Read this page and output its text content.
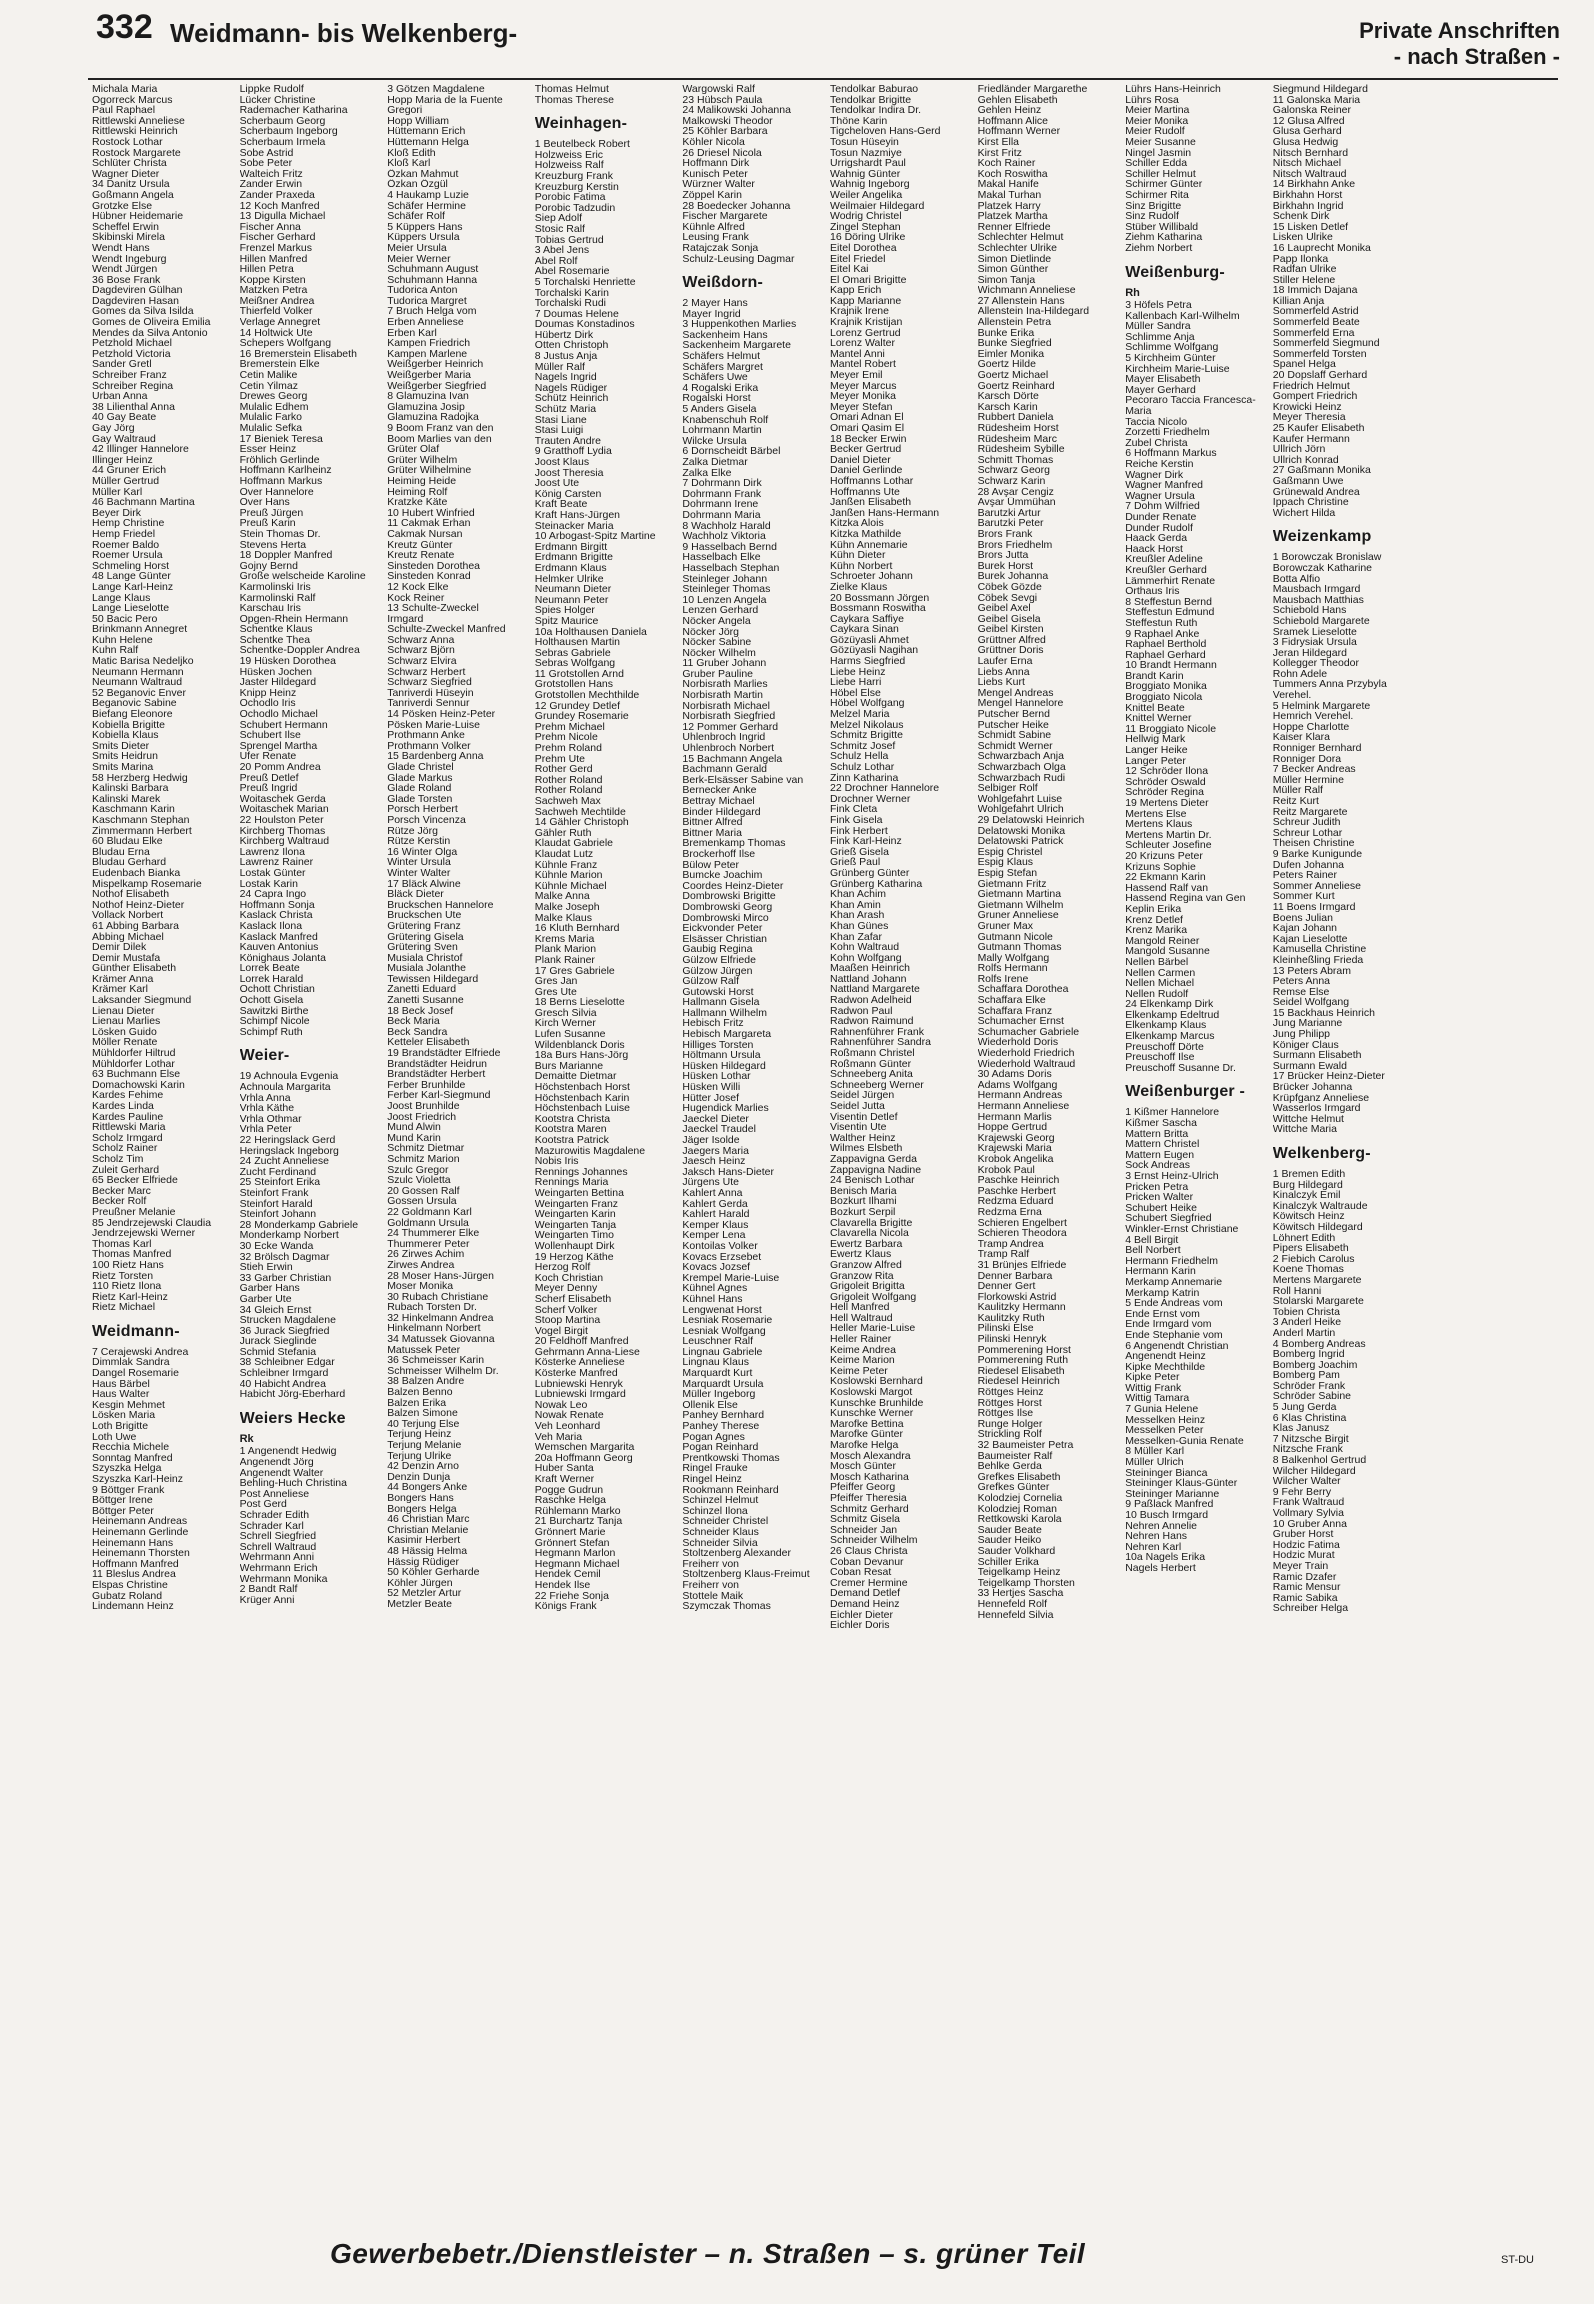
332 Weidmann- bis Welkenberg-	Private Anschriften
- nach Straßen -
Michala Maria
Ogorreck Marcus
Paul Raphael
Rittlewski Anneliese
Rittlewski Heinrich
Rostock Lothar
Rostock Margarete
Schlüter Christa
Wagner Dieter
34 Danitz Ursula
Goßmann Angela
Grotzke Else
Hübner Heidemarie
Scheffel Erwin
Skibinski Mirela
Wendt Hans
Wendt Ingeburg
Wendt Jürgen
36 Bose Frank
Dagdeviren Gülhan
Dagdeviren Hasan
Gomes da Silva Isilda
Gomes de Oliveira Emilia
Mendes da Silva Antonio
Petzhold Michael
Petzhold Victoria
Sander Gretl
Schreiber Franz
Schreiber Regina
Urban Anna
38 Lilienthal Anna
40 Gay Beate
Gay Jörg
Gay Waltraud
42 Illinger Hannelore
Illinger Heinz
44 Gruner Erich
Müller Gertrud
Müller Karl
46 Bachmann Martina
Beyer Dirk
Hemp Christine
Hemp Friedel
Roemer Baldo
Roemer Ursula
Schmeling Horst
48 Lange Günter
Lange Karl-Heinz
Lange Klaus
Lange Lieselotte
50 Bacic Pero
Brinkmann Annegret
Kuhn Helene
Kuhn Ralf
Matic Barisa Nedeljko
Neumann Hermann
Neumann Waltraud
52 Beganovic Enver
Beganovic Sabine
Biefang Eleonore
Kobiella Brigitte
Kobiella Klaus
Smits Dieter
Smits Heidrun
Smits Marina
58 Herzberg Hedwig
Kalinski Barbara
Kalinski Marek
Kaschmann Karin
Kaschmann Stephan
Zimmermann Herbert
60 Bludau Elke
Bludau Erna
Bludau Gerhard
Eudenbach Bianka
Mispelkamp Rosemarie
Nothof Elisabeth
Nothof Heinz-Dieter
Vollack Norbert
61 Abbing Barbara
Abbing Michael
Demir Dilek
Demir Mustafa
Günther Elisabeth
Krämer Anna
Krämer Karl
Laksander Siegmund
Lienau Dieter
Lienau Marlies
Lösken Guido
Möller Renate
Mühldorfer Hiltrud
Mühldorfer Lothar
63 Buchmann Else
Domachowski Karin
Kardes Fehime
Kardes Linda
Kardes Pauline
Rittlewski Maria
Scholz Irmgard
Scholz Rainer
Scholz Tim
Zuleit Gerhard
65 Becker Elfriede
Becker Marc
Becker Rolf
Preußner Melanie
85 Jendrzejewski Claudia
Jendrzejewski Werner
Thomas Karl
Thomas Manfred
100 Rietz Hans
Rietz Torsten
110 Rietz Ilona
Rietz Karl-Heinz
Rietz Michael
Weidmann-
7 Cerajewski Andrea
Dimmlak Sandra
Dangel Rosemarie
Haus Bärbel
Haus Walter
Kesgin Mehmet
Lösken Maria
Loth Brigitte
Loth Uwe
Recchia Michele
Sonntag Manfred
Szyszka Helga
Szyszka Karl-Heinz
9 Böttger Frank
Böttger Irene
Böttger Peter
Heinemann Andreas
Heinemann Gerlinde
Heinemann Hans
Heinemann Thorsten
Hoffmann Manfred
11 Bleslus Andrea
Elspas Christine
Gubatz Roland
Lindemann Heinz
Lippke Rudolf
Lücker Christine
Rademacher Katharina
Scherbaum Georg
Scherbaum Ingeborg
Scherbaum Irmela
Sobe Astrid
Sobe Peter
Walteich Fritz
Zander Erwin
Zander Praxeda
12 Koch Manfred
13 Digulla Michael
Fischer Anna
Fischer Gerhard
Frenzel Markus
Hillen Manfred
Hillen Petra
Koppe Kirsten
Matzken Petra
Meißner Andrea
Thierfeld Volker
Verlage Annegret
14 Holtwick Ute
Schepers Wolfgang
16 Bremerstein Elisabeth
Bremerstein Elke
Cetin Malike
Cetin Yilmaz
Drewes Georg
Mulalic Edhem
Mulalic Farko
Mulalic Sefka
17 Bieniek Teresa
Esser Heinz
Fröhlich Gerlinde
Hoffmann Karlheinz
Hoffmann Markus
Over Hannelore
Over Hans
Preuß Jürgen
Preuß Karin
Stein Thomas Dr.
Stevens Herta
18 Doppler Manfred
Gojny Bernd
Große welscheide Karoline
Karmolinski Iris
Karmolinski Ralf
Karschau Iris
Opgen-Rhein Hermann
Schentke Klaus
Schentke Thea
Schentke-Doppler Andrea
19 Hüsken Dorothea
Hüsken Jochen
Jaster Hildegard
Knipp Heinz
Ochodlo Iris
Ochodlo Michael
Schubert Hermann
Schubert Ilse
Sprengel Martha
Ufer Renate
20 Pomm Andrea
Preuß Detlef
Preuß Ingrid
Woitaschek Gerda
Woitaschek Marian
22 Houlston Peter
Kirchberg Thomas
Kirchberg Waltraud
Lawrenz Ilona
Lawrenz Rainer
Lostak Günter
Lostak Karin
24 Capra Ingo
Hoffmann Sonja
Kaslack Christa
Kaslack Ilona
Kaslack Manfred
Kauven Antonius
Könighaus Jolanta
Lorrek Beate
Lorrek Harald
Ochott Christian
Ochott Gisela
Sawitzki Birthe
Schimpf Nicole
Schimpf Ruth
Weier-
19 Achnoula Evgenia
Achnoula Margarita
Vrhla Anna
Vrhla Käthe
Vrhla Othmar
Vrhla Peter
22 Heringslack Gerd
Heringslack Ingeborg
24 Zucht Anneliese
Zucht Ferdinand
25 Steinfort Erika
Steinfort Frank
Steinfort Harald
Steinfort Johann
28 Monderkamp Gabriele
Monderkamp Norbert
30 Ecke Wanda
32 Brölsch Dagmar
Stieh Erwin
33 Garber Christian
Garber Hans
Garber Ute
34 Gleich Ernst
Strucken Magdalene
36 Jurack Siegfried
Jurack Sieglinde
Schmid Stefania
38 Schleibner Edgar
Schleibner Irmgard
40 Habicht Andrea
Habicht Jörg-Eberhard
Weiers Hecke
Rk
1 Angenendt Hedwig
Angenendt Jörg
Angenendt Walter
Behling-Huch Christina
Post Anneliese
Post Gerd
Schrader Edith
Schrader Karl
Schrell Siegfried
Schrell Waltraud
Wehrmann Anni
Wehrmann Erich
Wehrmann Monika
2 Bandt Ralf
Krüger Anni
3 Götzen Magdalene
Hopp Maria de la Fuente
Gregori
Hopp William
Hüttemann Erich
Hüttemann Helga
Kloß Edith
Kloß Karl
Özkan Mahmut
Özkan Özgül
4 Haukamp Luzie
Schäfer Hermine
Schäfer Rolf
5 Küppers Hans
Küppers Ursula
Meier Ursula
Meier Werner
Schuhmann August
Schuhmann Hanna
Tudorica Anton
Tudorica Margret
7 Bruch Helga vom
Erben Anneliese
Erben Karl
Kampen Friedrich
Kampen Marlene
Weißgerber Heinrich
Weißgerber Maria
Weißgerber Siegfried
8 Glamuzina Ivan
Glamuzina Josip
Glamuzina Radojka
9 Boom Franz van den
Boom Marlies van den
Grüter Olaf
Grüter Wilhelm
Grüter Wilhelmine
Heiming Heide
Heiming Rolf
Kratzke Käte
10 Hubert Winfried
11 Cakmak Erhan
Cakmak Nursan
Kreutz Günter
Kreutz Renate
Sinsteden Dorothea
Sinsteden Konrad
12 Kock Elke
Kock Reiner
13 Schulte-Zweckel
Irmgard
Schulte-Zweckel Manfred
Schwarz Anna
Schwarz Björn
Schwarz Elvira
Schwarz Herbert
Schwarz Siegfried
Tanriverdi Hüseyin
Tanriverdi Sennur
14 Pösken Heinz-Peter
Pösken Marie-Luise
Prothmann Anke
Prothmann Volker
15 Bardenberg Anna
Glade Christel
Glade Markus
Glade Roland
Glade Torsten
Porsch Herbert
Porsch Vincenza
Rütze Jörg
Rütze Kerstin
16 Winter Olga
Winter Ursula
Winter Walter
17 Bläck Alwine
Bläck Dieter
Bruckschen Hannelore
Bruckschen Ute
Grütering Franz
Grütering Gisela
Grütering Sven
Musiala Christof
Musiala Jolanthe
Tewissen Hildegard
Zanetti Eduard
Zanetti Susanne
18 Beck Josef
Beck Maria
Beck Sandra
Ketteler Elisabeth
19 Brandstädter Elfriede
Brandstädter Heidrun
Brandstädter Herbert
Ferber Brunhilde
Ferber Karl-Siegmund
Joost Brunhilde
Joost Friedrich
Mund Alwin
Mund Karin
Schmitz Dietmar
Schmitz Marion
Szulc Gregor
Szulc Violetta
20 Gossen Ralf
Gossen Ursula
22 Goldmann Karl
Goldmann Ursula
24 Thummerer Elke
Thummerer Peter
26 Zirwes Achim
Zirwes Andrea
28 Moser Hans-Jürgen
Moser Monika
30 Rubach Christiane
Rubach Torsten Dr.
32 Hinkelmann Andrea
Hinkelmann Norbert
34 Matussek Giovanna
Matussek Peter
36 Schmeisser Karin
Schmeisser Wilhelm Dr.
38 Balzen Andre
Balzen Benno
Balzen Erika
Balzen Simone
40 Terjung Else
Terjung Heinz
Terjung Melanie
Terjung Ulrike
42 Denzin Arno
Denzin Dunja
44 Bongers Anke
Bongers Hans
Bongers Helga
46 Christian Marc
Christian Melanie
Kasimir Herbert
48 Hässig Helma
Hässig Rüdiger
50 Köhler Gerharde
Köhler Jürgen
52 Metzler Artur
Metzler Beate
Thomas Helmut
Thomas Therese
Weinhagen-
1 Beutelbeck Robert
Holzweiss Eric
Holzweiss Ralf
Kreuzburg Frank
Kreuzburg Kerstin
Porobic Fatima
Porobic Tadzudin
Siep Adolf
Stosic Ralf
Tobias Gertrud
3 Abel Jens
Abel Rolf
Abel Rosemarie
5 Torchalski Henriette
Torchalski Karin
Torchalski Rudi
7 Doumas Helene
Doumas Konstadinos
Hübertz Dirk
Otten Christoph
8 Justus Anja
Müller Ralf
Nagels Ingrid
Nagels Rüdiger
Schütz Heinrich
Schütz Maria
Stasi Liane
Stasi Luigi
Trauten Andre
9 Gratthoff Lydia
Joost Klaus
Joost Theresia
Joost Ute
König Carsten
Kraft Beate
Kraft Hans-Jürgen
Steinacker Maria
10 Arbogast-Spitz Martine
Erdmann Birgitt
Erdmann Brigitte
Erdmann Klaus
Helmker Ulrike
Neumann Dieter
Neumann Peter
Spies Holger
Spitz Maurice
10a Holthausen Daniela
Holthausen Martin
Sebras Gabriele
Sebras Wolfgang
11 Grotstollen Arnd
Grotstollen Hans
Grotstollen Mechthilde
12 Grundey Detlef
Grundey Rosemarie
Prehm Michael
Prehm Nicole
Prehm Roland
Prehm Ute
Rother Gerd
Rother Roland
Rother Roland
Sachweh Max
Sachweh Mechtilde
14 Gähler Christoph
Gähler Ruth
Klaudat Gabriele
Klaudat Lutz
Kühnle Franz
Kühnle Marion
Kühnle Michael
Malke Anna
Malke Joseph
Malke Klaus
16 Kluth Bernhard
Krems Maria
Plank Marion
Plank Rainer
17 Gres Gabriele
Gres Jan
Gres Ute
18 Berns Lieselotte
Gresch Silvia
Kirch Werner
Lufen Susanne
Wildenblanck Doris
18a Burs Hans-Jörg
Burs Marianne
Demaitte Dietmar
Höchstenbach Horst
Höchstenbach Karin
Höchstenbach Luise
Kootstra Christa
Kootstra Maren
Kootstra Patrick
Mazurowitis Magdalene
Nobis Iris
Rennings Johannes
Rennings Maria
Weingarten Bettina
Weingarten Franz
Weingarten Karin
Weingarten Tanja
Weingarten Timo
Wollenhaupt Dirk
19 Herzog Käthe
Herzog Rolf
Koch Christian
Meyer Denny
Scherf Elisabeth
Scherf Volker
Stoop Martina
Vogel Birgit
20 Feldhoff Manfred
Gehrmann Anna-Liese
Kösterke Anneliese
Kösterke Manfred
Lubniewski Henryk
Lubniewski Irmgard
Nowak Leo
Nowak Renate
Veh Leonhard
Veh Maria
Wemschen Margarita
20a Hoffmann Georg
Huber Santa
Kraft Werner
Pogge Gudrun
Raschke Helga
Rühlemann Marko
21 Burchartz Tanja
Grönnert Marie
Grönnert Stefan
Hegmann Marlon
Hegmann Michael
Hendek Cemil
Hendek Ilse
22 Friehe Sonja
Königs Frank
Wargowski Ralf
23 Hübsch Paula
24 Malikowski Johanna
Malkowski Theodor
25 Köhler Barbara
Köhler Nicola
26 Driesel Nicola
Hoffmann Dirk
Kunisch Peter
Würzner Walter
Zöppel Karin
28 Boedecker Johanna
Fischer Margarete
Kühnle Alfred
Leusing Frank
Ratajczak Sonja
Schulz-Leusing Dagmar
Weißdorn-
2 Mayer Hans
Mayer Ingrid
3 Huppenkothen Marlies
Sackenheim Hans
Sackenheim Margarete
Schäfers Helmut
Schäfers Margret
Schäfers Uwe
4 Rogalski Erika
Rogalski Horst
5 Anders Gisela
Knabenschuh Rolf
Lohrmann Martin
Wilcke Ursula
6 Dornscheidt Bärbel
Zalka Dietmar
Zalka Elke
7 Dohrmann Dirk
Dohrmann Frank
Dohrmann Irene
Dohrmann Maria
8 Wachholz Harald
Wachholz Viktoria
9 Hasselbach Bernd
Hasselbach Elke
Hasselbach Stephan
Steinleger Johann
Steinleger Thomas
10 Lenzen Angela
Lenzen Gerhard
Nöcker Angela
Nöcker Jörg
Nöcker Sabine
Nöcker Wilhelm
11 Gruber Johann
Gruber Pauline
Norbisrath Marlies
Norbisrath Martin
Norbisrath Michael
Norbisrath Siegfried
12 Pommer Gerhard
Uhlenbroch Ingrid
Uhlenbroch Norbert
15 Bachmann Angela
Bachmann Gerald
Berk-Elsässer Sabine van
Bernecker Anke
Bettray Michael
Binder Hildegard
Bittner Alfred
Bittner Maria
Bremenkamp Thomas
Brockerhoff Ilse
Bülow Peter
Bumcke Joachim
Coordes Heinz-Dieter
Dombrowski Brigitte
Dombrowski Georg
Dombrowski Mirco
Eickvonder Peter
Elsässer Christian
Gaubig Regina
Gülzow Elfriede
Gülzow Jürgen
Gülzow Ralf
Gutowski Horst
Hallmann Gisela
Hallmann Wilhelm
Hebisch Fritz
Hebisch Margareta
Hilliges Torsten
Höltmann Ursula
Hüsken Hildegard
Hüsken Lothar
Hüsken Willi
Hütter Josef
Hugendick Marlies
Jaeckel Dieter
Jaeckel Traudel
Jäger Isolde
Jaegers Maria
Jaesch Heinz
Jaksch Hans-Dieter
Jürgens Ute
Kahlert Anna
Kahlert Gerda
Kahlert Harald
Kemper Klaus
Kemper Lena
Kontoilas Volker
Kovacs Erzsebet
Kovacs Jozsef
Krempel Marie-Luise
Kühnel Agnes
Kühnel Hans
Lengwenat Horst
Lesniak Rosemarie
Lesniak Wolfgang
Leuschner Ralf
Lingnau Gabriele
Lingnau Klaus
Marquardt Kurt
Marquardt Ursula
Müller Ingeborg
Ollenik Else
Panhey Bernhard
Panhey Therese
Pogan Agnes
Pogan Reinhard
Prentkowski Thomas
Ringel Frauke
Ringel Heinz
Rookmann Reinhard
Schinzel Helmut
Schinzel Ilona
Schneider Christel
Schneider Klaus
Schneider Silvia
Stoltzenberg Alexander
Freiherr von
Stoltzenberg Klaus-Freimut
Freiherr von
Stottele Maik
Szymczak Thomas
Tendolkar Baburao
Tendolkar Brigitte
Tendolkar Indira Dr.
Thöne Karin
Tigcheloven Hans-Gerd
Tosun Hüseyin
Tosun Nazmiye
Urrigshardt Paul
Wahnig Günter
Wahnig Ingeborg
Weiler Angelika
Weilmaier Hildegard
Wodrig Christel
Zingel Stephan
16 Döring Ulrike
Eitel Dorothea
Eitel Friedel
Eitel Kai
El Omari Brigitte
Kapp Erich
Kapp Marianne
Krajnik Irene
Krajnik Kristijan
Lorenz Gertrud
Lorenz Walter
Mantel Anni
Mantel Robert
Meyer Emil
Meyer Marcus
Meyer Monika
Meyer Stefan
Omari Adnan El
Omari Qasim El
18 Becker Erwin
Becker Gertrud
Daniel Dieter
Daniel Gerlinde
Hoffmanns Lothar
Hoffmanns Ute
Janßen Elisabeth
Janßen Hans-Hermann
Kitzka Alois
Kitzka Mathilde
Kühn Annemarie
Kühn Dieter
Kühn Norbert
Schroeter Johann
Zielke Klaus
20 Bossmann Jörgen
Bossmann Roswitha
Caykara Saffiye
Caykara Sinan
Gözüyasli Ahmet
Gözüyasli Nagihan
Harms Siegfried
Liebe Heinz
Liebe Harri
Höbel Else
Höbel Wolfgang
Melzel Maria
Melzel Nikolaus
Schmitz Brigitte
Schmitz Josef
Schulz Hella
Schulz Lothar
Zinn Katharina
22 Drochner Hannelore
Drochner Werner
Fink Cleta
Fink Gisela
Fink Herbert
Fink Karl-Heinz
Grieß Gisela
Grieß Paul
Grünberg Günter
Grünberg Katharina
Khan Achim
Khan Amin
Khan Arash
Khan Günes
Khan Zafar
Kohn Waltraud
Kohn Wolfgang
Maaßen Heinrich
Nattland Johann
Nattland Margarete
Radwon Adelheid
Radwon Paul
Radwon Raimund
Rahnenführer Frank
Rahnenführer Sandra
Roßmann Christel
Roßmann Günter
Schneeberg Anita
Schneeberg Werner
Seidel Jürgen
Seidel Jutta
Visentin Detlef
Visentin Ute
Walther Heinz
Wilmes Elsbeth
Zappavigna Gerda
Zappavigna Nadine
24 Benisch Lothar
Benisch Maria
Bozkurt Ilhami
Bozkurt Serpil
Clavarella Brigitte
Clavarella Nicola
Ewertz Barbara
Ewertz Klaus
Granzow Alfred
Granzow Rita
Grigoleit Brigitta
Grigoleit Wolfgang
Hell Manfred
Hell Waltraud
Heller Marie-Luise
Heller Rainer
Keime Andrea
Keime Marion
Keime Peter
Koslowski Bernhard
Koslowski Margot
Kunschke Brunhilde
Kunschke Werner
Marofke Bettina
Marofke Günter
Marofke Helga
Mosch Alexandra
Mosch Günter
Mosch Katharina
Pfeiffer Georg
Pfeiffer Theresia
Schmitz Gerhard
Schmitz Gisela
Schneider Jan
Schneider Wilhelm
26 Claus Christa
Coban Devanur
Coban Resat
Cremer Hermine
Demand Detlef
Demand Heinz
Eichler Dieter
Eichler Doris
Friedländer Margarethe
Gehlen Elisabeth
Gehlen Heinz
Hoffmann Alice
Hoffmann Werner
Kirst Ella
Kirst Fritz
Koch Rainer
Koch Roswitha
Makal Hanife
Makal Turhan
Platzek Harry
Platzek Martha
Renner Elfriede
Schlechter Helmut
Schlechter Ulrike
Simon Dietlinde
Simon Günther
Simon Tanja
Wichmann Anneliese
27 Allenstein Hans
Allenstein Ina-Hildegard
Allenstein Petra
Bunke Erika
Bunke Siegfried
Eimler Monika
Goertz Hilde
Goertz Michael
Goertz Reinhard
Karsch Dörte
Karsch Karin
Rubbert Daniela
Rüdesheim Horst
Rüdesheim Marc
Rüdesheim Sybille
Schmitt Thomas
Schwarz Georg
Schwarz Karin
28 Avşar Cengiz
Avşar Ümmühan
Barutzki Artur
Barutzki Peter
Brors Frank
Brors Friedhelm
Brors Jutta
Burek Horst
Burek Johanna
Cöbek Gözde
Cöbek Sevgi
Geibel Axel
Geibel Gisela
Geibel Kirsten
Grüttner Alfred
Grüttner Doris
Laufer Erna
Liebs Anna
Liebs Kurt
Mengel Andreas
Mengel Hannelore
Putscher Bernd
Putscher Heike
Schmidt Sabine
Schmidt Werner
Schwarzbach Anja
Schwarzbach Olga
Schwarzbach Rudi
Selbiger Rolf
Wohlgefahrt Luise
Wohlgefahrt Ulrich
29 Delatowski Heinrich
Delatowski Monika
Delatowski Patrick
Espig Christel
Espig Klaus
Espig Stefan
Gietmann Fritz
Gietmann Martina
Gietmann Wilhelm
Gruner Anneliese
Gruner Max
Gutmann Nicole
Gutmann Thomas
Mally Wolfgang
Rolfs Hermann
Rolfs Irene
Schaffara Dorothea
Schaffara Elke
Schaffara Franz
Schumacher Ernst
Schumacher Gabriele
Wiederhold Doris
Wiederhold Friedrich
Wiederhold Waltraud
30 Adams Doris
Adams Wolfgang
Hermann Andreas
Hermann Anneliese
Hermann Marlis
Hoppe Gertrud
Krajewski Georg
Krajewski Maria
Krobok Angelika
Krobok Paul
Paschke Heinrich
Paschke Herbert
Redzma Eduard
Redzma Erna
Schieren Engelbert
Schieren Theodora
Tramp Andrea
Tramp Ralf
31 Brünjes Elfriede
Denner Barbara
Denner Gert
Florkowski Astrid
Kaulitzky Hermann
Kaulitzky Ruth
Pilinski Else
Pilinski Henryk
Pommerening Horst
Pommerening Ruth
Riedesel Elisabeth
Riedesel Heinrich
Röttges Heinz
Röttges Horst
Röttges Ilse
Runge Holger
Strickling Rolf
32 Baumeister Petra
Baumeister Ralf
Behlke Gerda
Grefkes Elisabeth
Grefkes Günter
Kolodziej Cornelia
Kolodziej Roman
Rettkowski Karola
Sauder Beate
Sauder Heiko
Sauder Volkhard
Schiller Erika
Teigelkamp Heinz
Teigelkamp Thorsten
33 Hertjes Sascha
Hennefeld Rolf
Hennefeld Silvia
Lührs Hans-Heinrich
Lührs Rosa
Meier Martina
Meier Monika
Meier Rudolf
Meier Susanne
Ningel Jasmin
Schiller Edda
Schiller Helmut
Schirmer Günter
Schirmer Rita
Sinz Brigitte
Sinz Rudolf
Stüber Willibald
Ziehm Katharina
Ziehm Norbert
Weißenburg-
Rh
3 Höfels Petra
Kallenbach Karl-Wilhelm
Müller Sandra
Schlimme Anja
Schlimme Wolfgang
5 Kirchheim Günter
Kirchheim Marie-Luise
Mayer Elisabeth
Mayer Gerhard
Pecoraro Taccia Francesca-
Maria
Taccia Nicolo
Zorzetti Friedhelm
Zubel Christa
6 Hoffmann Markus
Reiche Kerstin
Wagner Dirk
Wagner Manfred
Wagner Ursula
7 Dohm Wilfried
Dunder Renate
Dunder Rudolf
Haack Gerda
Haack Horst
Kreußler Adeline
Kreußler Gerhard
Lämmerhirt Renate
Orthaus Iris
8 Steffestun Bernd
Steffestun Edmund
Steffestun Ruth
9 Raphael Anke
Raphael Berthold
Raphael Gerhard
10 Brandt Hermann
Brandt Karin
Broggiato Monika
Broggiato Nicola
Knittel Beate
Knittel Werner
11 Broggiato Nicole
Hellwig Mark
Langer Heike
Langer Peter
12 Schröder Ilona
Schröder Oswald
Schröder Regina
19 Mertens Dieter
Mertens Else
Mertens Klaus
Mertens Martin Dr.
Schleuter Josefine
20 Krizuns Peter
Krizuns Sophie
22 Ekmann Karin
Hassend Ralf van
Hassend Regina van Gen
Keplin Erika
Krenz Detlef
Krenz Marika
Mangold Reiner
Mangold Susanne
Nellen Bärbel
Nellen Carmen
Nellen Michael
Nellen Rudolf
24 Elkenkamp Dirk
Elkenkamp Edeltrud
Elkenkamp Klaus
Elkenkamp Marcus
Preuschoff Dörte
Preuschoff Ilse
Preuschoff Susanne Dr.
Weißenburger -
1 Kißmer Hannelore
Kißmer Sascha
Mattern Britta
Mattern Christel
Mattern Eugen
Sock Andreas
3 Ernst Heinz-Ulrich
Pricken Petra
Pricken Walter
Schubert Heike
Schubert Siegfried
Winkler-Ernst Christiane
4 Bell Birgit
Bell Norbert
Hermann Friedhelm
Hermann Karin
Merkamp Annemarie
Merkamp Katrin
5 Ende Andreas vom
Ende Ernst vom
Ende Irmgard vom
Ende Stephanie vom
6 Angenendt Christian
Angenendt Heinz
Kipke Mechthilde
Kipke Peter
Wittig Frank
Wittig Tamara
7 Gunia Helene
Messelken Heinz
Messelken Peter
Messelken-Gunia Renate
8 Müller Karl
Müller Ulrich
Steininger Bianca
Steininger Klaus-Günter
Steininger Marianne
9 Paßlack Manfred
10 Busch Irmgard
Nehren Annelie
Nehren Hans
Nehren Karl
10a Nagels Erika
Nagels Herbert
Siegmund Hildegard
11 Galonska Maria
Galonska Reiner
12 Glusa Alfred
Glusa Gerhard
Glusa Hedwig
Nitsch Bernhard
Nitsch Michael
Nitsch Waltraud
14 Birkhahn Anke
Birkhahn Horst
Birkhahn Ingrid
Schenk Dirk
15 Lisken Detlef
Lisken Ulrike
16 Lauprecht Monika
Papp Ilonka
Radfan Ulrike
Stiller Helene
18 Immich Dajana
Killian Anja
Sommerfeld Astrid
Sommerfeld Beate
Sommerfeld Erna
Sommerfeld Siegmund
Sommerfeld Torsten
Spanel Helga
20 Dopslaff Gerhard
Friedrich Helmut
Gompert Friedrich
Krowicki Heinz
Meyer Theresia
25 Kaufer Elisabeth
Kaufer Hermann
Ullrich Jörn
Ullrich Konrad
27 Gaßmann Monika
Gaßmann Uwe
Grünewald Andrea
Ippach Christine
Wichert Hilda
Weizenkamp
1 Borowczak Bronislaw
Borowczak Katharine
Botta Alfio
Mausbach Irmgard
Mausbach Matthias
Schiebold Hans
Schiebold Margarete
Sramek Lieselotte
3 Fidrysiak Ursula
Jeran Hildegard
Kollegger Theodor
Rohn Adele
Tummers Anna Przybyla
Verehel.
5 Helmink Margarete
Hemrich Verehel.
Hoppe Charlotte
Kaiser Klara
Ronniger Bernhard
Ronniger Dora
7 Becker Andreas
Müller Hermine
Müller Ralf
Reitz Kurt
Reitz Margarete
Schreur Judith
Schreur Lothar
Theisen Christine
9 Barke Kunigunde
Dufen Johanna
Peters Rainer
Sommer Anneliese
Sommer Kurt
11 Boens Irmgard
Boens Julian
Kajan Johann
Kajan Lieselotte
Kamusella Christine
Kleinheßling Frieda
13 Peters Abram
Peters Anna
Remse Else
Seidel Wolfgang
15 Backhaus Heinrich
Jung Marianne
Jung Philipp
Königer Claus
Surmann Elisabeth
Surmann Ewald
17 Brücker Heinz-Dieter
Brücker Johanna
Krüpfganz Anneliese
Wasserlos Irmgard
Wittche Helmut
Wittche Maria
Welkenberg-
1 Bremen Edith
Burg Hildegard
Kinalczyk Emil
Kinalczyk Waltraude
Köwitsch Heinz
Köwitsch Hildegard
Löhnert Edith
Pipers Elisabeth
2 Fiebich Carolus
Koene Thomas
Mertens Margarete
Roll Hanni
Stolarski Margarete
Tobien Christa
3 Anderl Heike
Anderl Martin
4 Bomberg Andreas
Bomberg Ingrid
Bomberg Joachim
Bomberg Pam
Schröder Frank
Schröder Sabine
5 Jung Gerda
6 Klas Christina
Klas Janusz
7 Nitzsche Birgit
Nitzsche Frank
8 Balkenhol Gertrud
Wilcher Hildegard
Wilcher Walter
9 Fehr Berry
Frank Waltraud
Vollmary Sylvia
10 Gruber Anna
Gruber Horst
Hodzic Fatima
Hodzic Murat
Meyer Train
Ramic Dzafer
Ramic Mensur
Ramic Sabika
Schreiber Helga
Gewerbebetr./Dienstleister – n. Straßen – s. grüner Teil	ST-DU
